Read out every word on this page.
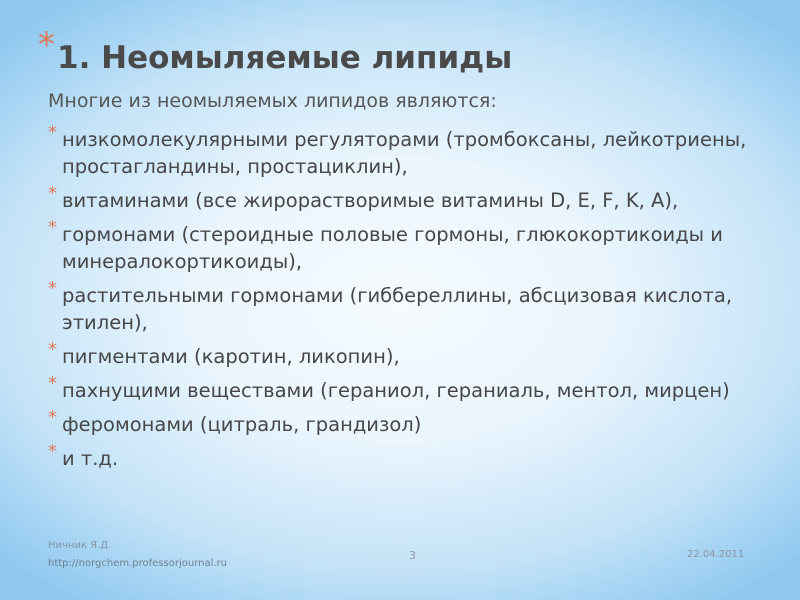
* 1. Неомыляемые липиды
Многие из неомыляемых липидов являются:
* низкомолекулярными регуляторами (тромбоксаны, лейкотриены, простагландины, простациклин),
* витаминами (все жирорастворимые витамины D, E, F, K, A),
* гормонами (стероидные половые гормоны, глюкокортикоиды и минералокортикоиды),
* растительными гормонами (гиббереллины, абсцизовая кислота, этилен),
* пигментами (каротин, ликопин),
* пахнущими веществами (гераниол, гераниаль, ментол, мирцен)
* феромонами (цитраль, грандизол)
* и т.д.
Ничник Я.Д.
http://norgchem.professorjournal.ru
3	22.04.2011
